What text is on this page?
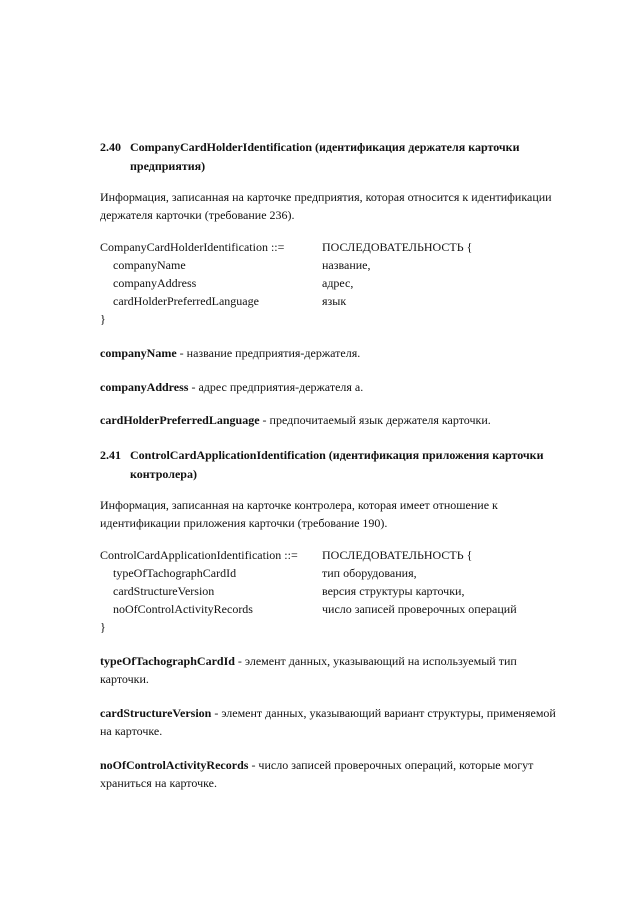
2.40 CompanyCardHolderIdentification (идентификация держателя карточки
предприятия)
Информация, записанная на карточке предприятия, которая относится к идентификации
держателя карточки (требование 236).
CompanyCardHolderIdentification ::=	ПОСЛЕДОВАТЕЛЬНОСТЬ {
companyName	название,
companyAddress	адрес,
cardHolderPreferredLanguage	язык
}
companyName - название предприятия-держателя.
companyAddress - адрес предприятия-держателя а.
cardHolderPreferredLanguage - предпочитаемый язык держателя карточки.
2.41 ControlCardApplicationIdentification (идентификация приложения карточки
контролера)
Информация, записанная на карточке контролера, которая имеет отношение к
идентификации приложения карточки (требование 190).
ControlCardApplicationIdentification ::=	ПОСЛЕДОВАТЕЛЬНОСТЬ {
typeOfTachographCardId	тип оборудования,
cardStructureVersion	версия структуры карточки,
noOfControlActivityRecords	число записей проверочных операций
}
typeOfTachographCardId - элемент данных, указывающий на используемый тип
карточки.
cardStructureVersion - элемент данных, указывающий вариант структуры, применяемой
на карточке.
noOfControlActivityRecords - число записей проверочных операций, которые могут
храниться на карточке.
